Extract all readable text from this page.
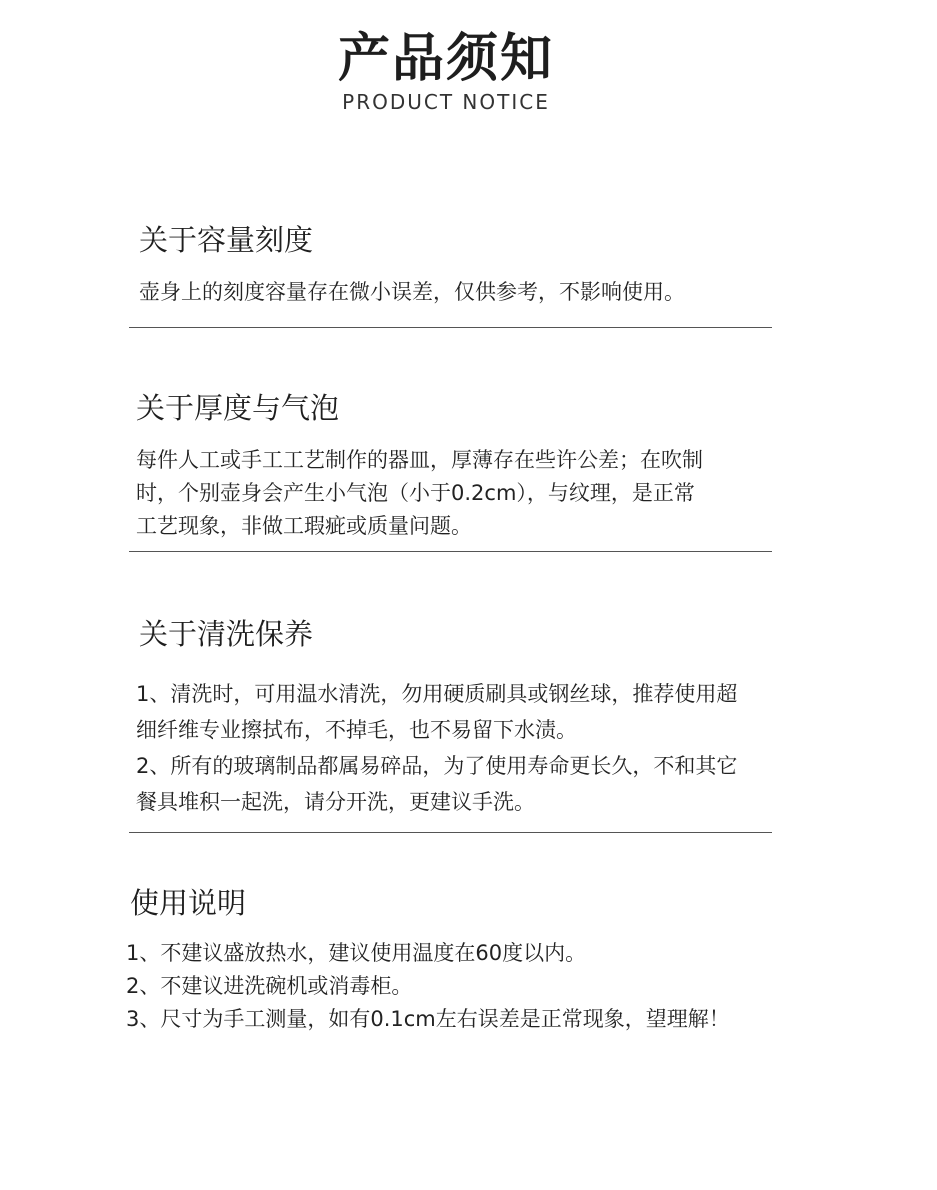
产品须知
PRODUCT NOTICE
关于容量刻度

壶身上的刻度容量存在微小误差，仅供参考，不影响使用。

关于厚度与气泡

每件人工或手工工艺制作的器皿，厚薄存在些许公差；在吹制

时，个别壶身会产生小气泡（小于0.2cm），与纹理，是正常

工艺现象，非做工瑕疵或质量问题。

关于清洗保养

1、清洗时，可用温水清洗，勿用硬质刷具或钢丝球，推荐使用超

细纤维专业擦拭布，不掉毛，也不易留下水渍。

2、所有的玻璃制品都属易碎品，为了使用寿命更长久，不和其它

餐具堆积一起洗，请分开洗，更建议手洗。

使用说明

1、不建议盛放热水，建议使用温度在60度以内。

2、不建议进洗碗机或消毒柜。

3、尺寸为手工测量，如有0.1cm左右误差是正常现象，望理解！
